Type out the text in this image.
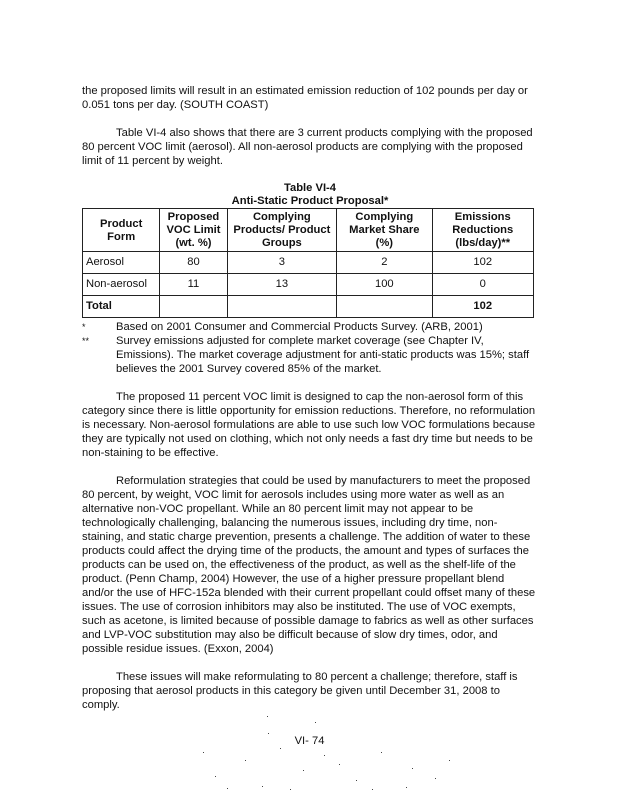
the proposed limits will result in an estimated emission reduction of 102 pounds per day or 0.051 tons per day. (SOUTH COAST)

Table VI-4 also shows that there are 3 current products complying with the proposed 80 percent VOC limit (aerosol). All non-aerosol products are complying with the proposed limit of 11 percent by weight.

Table VI-4
Anti-Static Product Proposal*
Product Form	Proposed VOC Limit (wt. %)	Complying Products/ Product Groups	Complying Market Share (%)	Emissions Reductions (lbs/day)**
Aerosol	80	3	2	102
Non-aerosol	11	13	100	0
Total				102
*	Based on 2001 Consumer and Commercial Products Survey. (ARB, 2001)
**	Survey emissions adjusted for complete market coverage (see Chapter IV, Emissions). The market coverage adjustment for anti-static products was 15%; staff believes the 2001 Survey covered 85% of the market.

The proposed 11 percent VOC limit is designed to cap the non-aerosol form of this category since there is little opportunity for emission reductions. Therefore, no reformulation is necessary. Non-aerosol formulations are able to use such low VOC formulations because they are typically not used on clothing, which not only needs a fast dry time but needs to be non-staining to be effective.

Reformulation strategies that could be used by manufacturers to meet the proposed 80 percent, by weight, VOC limit for aerosols includes using more water as well as an alternative non-VOC propellant. While an 80 percent limit may not appear to be technologically challenging, balancing the numerous issues, including dry time, non-staining, and static charge prevention, presents a challenge. The addition of water to these products could affect the drying time of the products, the amount and types of surfaces the products can be used on, the effectiveness of the product, as well as the shelf-life of the product. (Penn Champ, 2004) However, the use of a higher pressure propellant blend and/or the use of HFC-152a blended with their current propellant could offset many of these issues. The use of corrosion inhibitors may also be instituted. The use of VOC exempts, such as acetone, is limited because of possible damage to fabrics as well as other surfaces and LVP-VOC substitution may also be difficult because of slow dry times, odor, and possible residue issues. (Exxon, 2004)

These issues will make reformulating to 80 percent a challenge; therefore, staff is proposing that aerosol products in this category be given until December 31, 2008 to comply.

VI- 74
